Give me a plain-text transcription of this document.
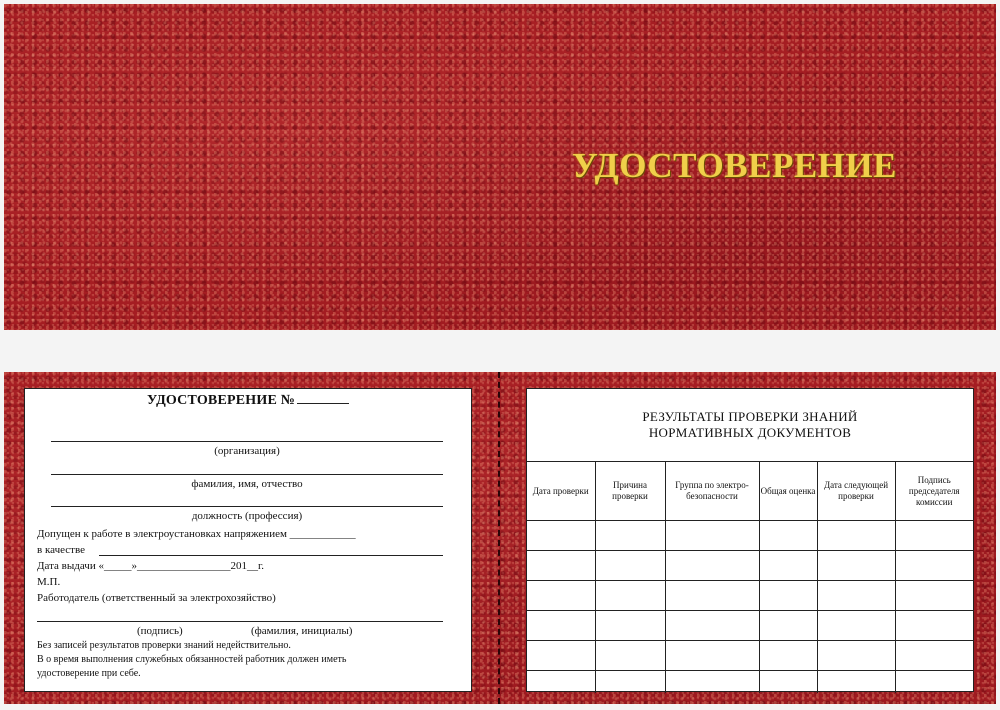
УДОСТОВЕРЕНИЕ
УДОСТОВЕРЕНИЕ №
(организация)
фамилия, имя, отчество
должность (профессия)
Допущен к работе в электроустановках напряжением ____________
в качестве
Дата выдачи «_____»_________________201__г.
М.П.
Работодатель (ответственный за электрохозяйство)
(подпись)	(фамилия, инициалы)
Без записей результатов проверки знаний недействительно.
В о время выполнения служебных обязанностей работник должен иметь
удостоверение при себе.
РЕЗУЛЬТАТЫ ПРОВЕРКИ ЗНАНИЙ
НОРМАТИВНЫХ ДОКУМЕНТОВ
Дата проверки	Причина проверки	Группа по электро-безопасности	Общая оценка	Дата следующей проверки	Подпись председателя комиссии
